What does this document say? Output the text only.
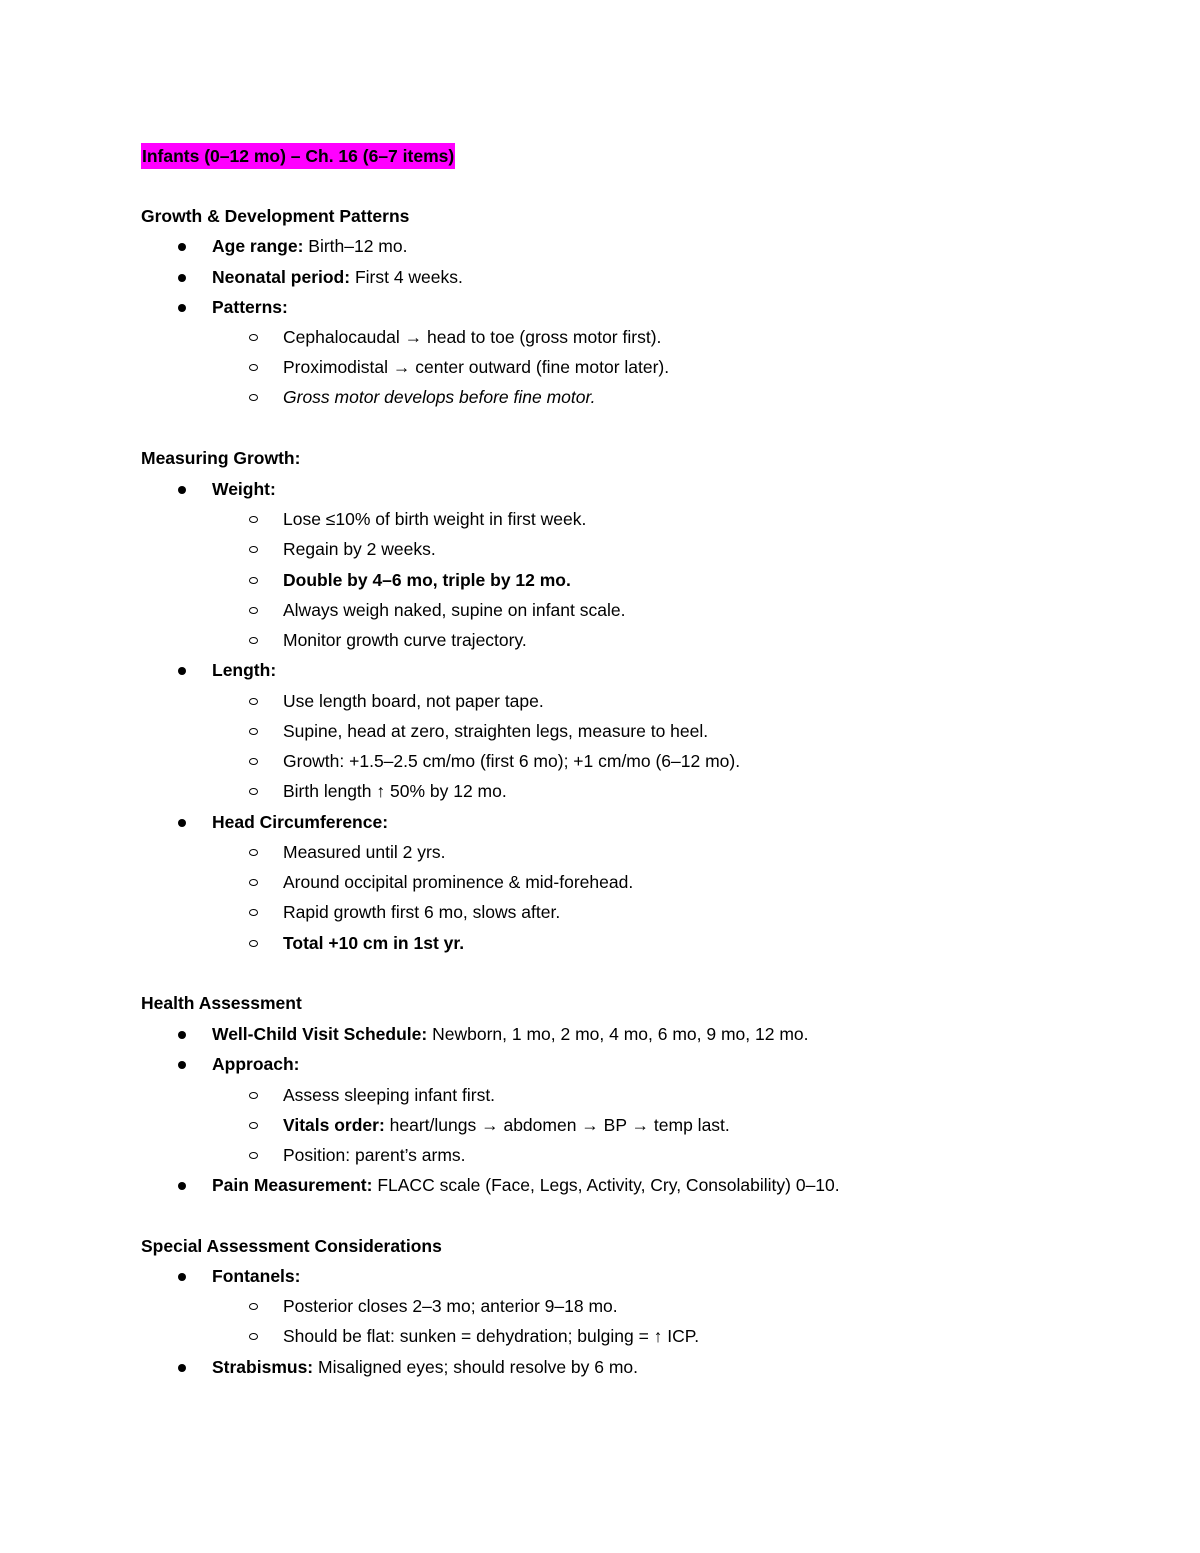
Infants (0–12 mo) – Ch. 16 (6–7 items)
Growth & Development Patterns
Age range: Birth–12 mo.
Neonatal period: First 4 weeks.
Patterns:
Cephalocaudal → head to toe (gross motor first).
Proximodistal → center outward (fine motor later).
Gross motor develops before fine motor.
Measuring Growth:
Weight:
Lose ≤10% of birth weight in first week.
Regain by 2 weeks.
Double by 4–6 mo, triple by 12 mo.
Always weigh naked, supine on infant scale.
Monitor growth curve trajectory.
Length:
Use length board, not paper tape.
Supine, head at zero, straighten legs, measure to heel.
Growth: +1.5–2.5 cm/mo (first 6 mo); +1 cm/mo (6–12 mo).
Birth length ↑ 50% by 12 mo.
Head Circumference:
Measured until 2 yrs.
Around occipital prominence & mid-forehead.
Rapid growth first 6 mo, slows after.
Total +10 cm in 1st yr.
Health Assessment
Well-Child Visit Schedule: Newborn, 1 mo, 2 mo, 4 mo, 6 mo, 9 mo, 12 mo.
Approach:
Assess sleeping infant first.
Vitals order: heart/lungs → abdomen → BP → temp last.
Position: parent’s arms.
Pain Measurement: FLACC scale (Face, Legs, Activity, Cry, Consolability) 0–10.
Special Assessment Considerations
Fontanels:
Posterior closes 2–3 mo; anterior 9–18 mo.
Should be flat: sunken = dehydration; bulging = ↑ ICP.
Strabismus: Misaligned eyes; should resolve by 6 mo.
